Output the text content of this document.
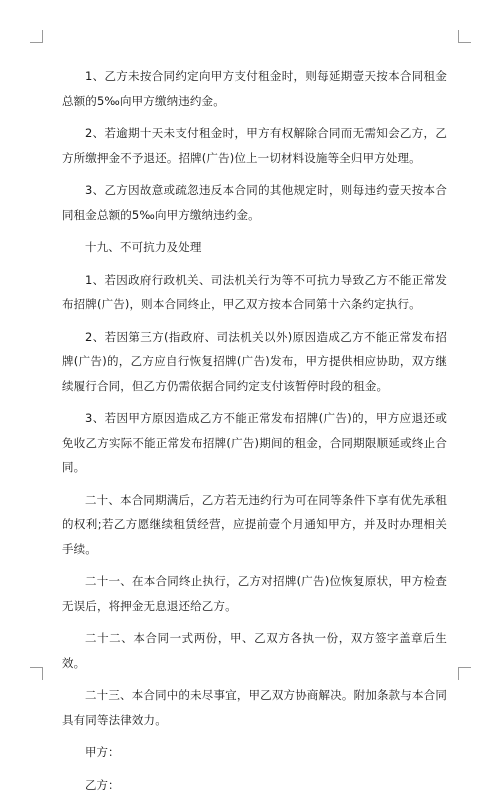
1、乙方未按合同约定向甲方支付租金时，则每延期壹天按本合同租金总额的5‰向甲方缴纳违约金。

2、若逾期十天未支付租金时，甲方有权解除合同而无需知会乙方，乙方所缴押金不予退还。招牌(广告)位上一切材料设施等全归甲方处理。

3、乙方因故意或疏忽违反本合同的其他规定时，则每违约壹天按本合同租金总额的5‰向甲方缴纳违约金。

十九、不可抗力及处理

1、若因政府行政机关、司法机关行为等不可抗力导致乙方不能正常发布招牌(广告)，则本合同终止，甲乙双方按本合同第十六条约定执行。

2、若因第三方(指政府、司法机关以外)原因造成乙方不能正常发布招牌(广告)的，乙方应自行恢复招牌(广告)发布，甲方提供相应协助，双方继续履行合同，但乙方仍需依据合同约定支付该暂停时段的租金。

3、若因甲方原因造成乙方不能正常发布招牌(广告)的，甲方应退还或免收乙方实际不能正常发布招牌(广告)期间的租金，合同期限顺延或终止合同。

二十、本合同期满后，乙方若无违约行为可在同等条件下享有优先承租的权利;若乙方愿继续租赁经营，应提前壹个月通知甲方，并及时办理相关手续。

二十一、在本合同终止执行，乙方对招牌(广告)位恢复原状，甲方检查无误后，将押金无息退还给乙方。

二十二、本合同一式两份，甲、乙双方各执一份，双方签字盖章后生效。

二十三、本合同中的未尽事宜，甲乙双方协商解决。附加条款与本合同具有同等法律效力。

甲方：

乙方：
